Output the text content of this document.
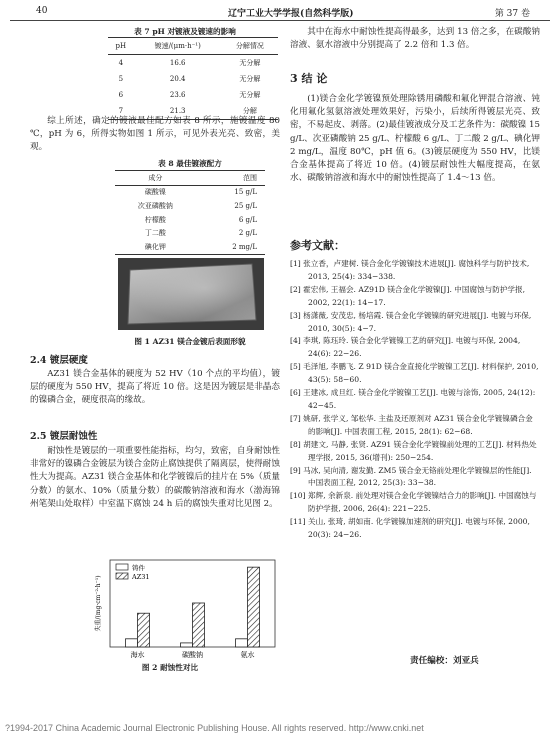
40	辽宁工业大学学报(自然科学版)	第 37 卷
表 7 pH 对镀液及镀速的影响
pH	镀速/(μm·h⁻¹)	分解情况
4	16.6	无分解
5	20.4	无分解
6	23.6	无分解
7	21.3	分解

综上所述，确定的镀液最佳配方如表 8 所示，施镀温度 80 ℃，pH 为 6，所得实物如图 1 所示，可见外表光亮、致密，美观。

表 8 最佳镀液配方
成分	范围
碳酸镍	15 g/L
次亚磷酸钠	25 g/L
柠檬酸	6 g/L
丁二酸	2 g/L
碘化钾	2 mg/L
图 1 AZ31 镁合金镀后表面形貌
2.4 镀层硬度

AZ31 镁合金基体的硬度为 52 HV（10 个点的平均值），镀层的硬度为 550 HV，提高了将近 10 倍。这是因为镀层是非晶态的镍磷合金，硬度很高的缘故。

2.5 镀层耐蚀性

耐蚀性是镀层的一项重要性能指标，均匀，致密，自身耐蚀性非常好的镍磷合金镀层为镁合金防止腐蚀提供了隔离层，使得耐蚀性大为提高。AZ31 镁合金基体和化学镀镍后的挂片在 5%（质量分数）的氨水、10%（质量分数）的碳酸钠溶液和海水（渤海锦州笔架山处取样）中室温下腐蚀 24 h 后的腐蚀失重对比见图 2。

失重/(mg·cm⁻²·h⁻¹)
海水	碳酸钠	氨水
铸件
AZ31
图 2 耐蚀性对比

其中在海水中耐蚀性提高得最多，达到 13 倍之多，在碳酸钠溶液、氨水溶液中分别提高了 2.2 倍和 1.3 倍。

3 结 论

(1)镁合金化学镀镍预处理除锈用磷酸和氟化钾混合溶液、钝化用氟化氢氨溶液处理效果好，污染小，后续所得镀层光亮、致密，不易起皮、剥落。(2)最佳镀液成分及工艺条件为：碳酸镍 15 g/L、次亚磷酸钠 25 g/L、柠檬酸 6 g/L、丁二酸 2 g/L、碘化钾 2 mg/L，温度 80℃，pH 值 6。(3)镀层硬度为 550 HV，比镁合金基体提高了将近 10 倍。(4)镀层耐蚀性大幅度提高，在氨水、碳酸钠溶液和海水中的耐蚀性提高了 1.4～13 倍。

参考文献：
[1] 张立香，卢建树. 镁合金化学镀镍技术进展[J]. 腐蚀科学与防护技术, 2013, 25(4): 334−338.
[2] 霍宏伟, 王福会. AZ91D 镁合金化学镀镍[J]. 中国腐蚀与防护学报, 2002, 22(1): 14−17.
[3] 杨潇薇, 安茂忠, 杨培霞. 镁合金化学镀镍的研究进展[J]. 电镀与环保, 2010, 30(5): 4−7.
[4] 李琪, 陈珏玲. 镁合金化学镀镍工艺的研究[J]. 电镀与环保, 2004, 24(6): 22−26.
[5] 毛泽旭, 李鹏飞. Z 91D 镁合金直接化学镀镍工艺[J]. 材料保护, 2010, 43(5): 58−60.
[6] 王建冰, 成旦红. 镁合金化学镀镍工艺[J]. 电镀与涂饰, 2005, 24(12): 42−45.
[7] 姚研, 张学义, 邹松华. 主盐及还原剂对 AZ31 镁合金化学镀镍磷合金的影响[J]. 中国表面工程, 2015, 28(1): 62−68.
[8] 胡建文, 马静, 张贤. AZ91 镁合金化学镀镍前处理的工艺[J]. 材料热处理学报, 2015, 36(增刊): 250−254.
[9] 马冰, 吴向清, 谢发勤. ZM5 镁合金无铬前处理化学镀镍层的性能[J]. 中国表面工程, 2012, 25(3): 33−38.
[10] 郑辉, 余新泉. 前处理对镁合金化学镀镍结合力的影响[J]. 中国腐蚀与防护学报, 2006, 26(4): 221−225.
[11] 关山, 张琦, 胡如南. 化学镀镍加速剂的研究[J]. 电镀与环保, 2000, 20(3): 24−26.
责任编校：刘亚兵
?1994-2017 China Academic Journal Electronic Publishing House. All rights reserved. http://www.cnki.net
